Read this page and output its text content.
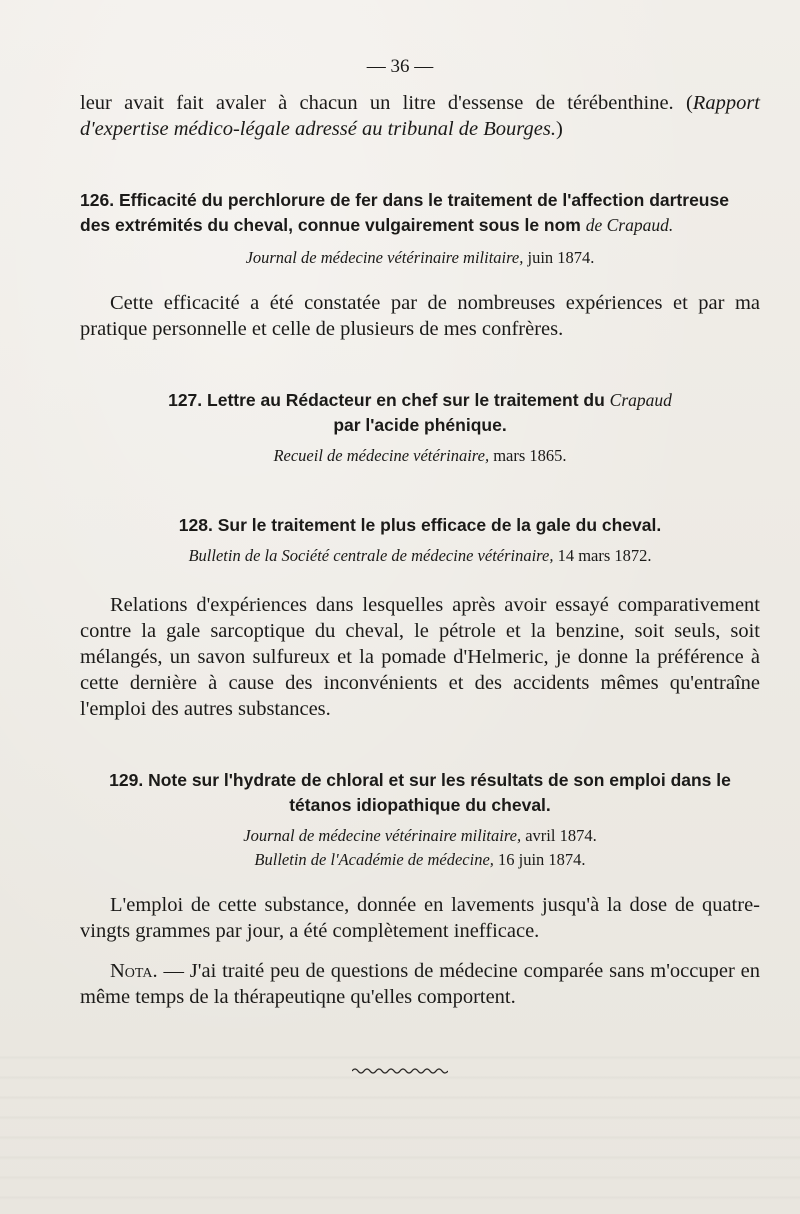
— 36 —

leur avait fait avaler à chacun un litre d'essense de térébenthine. (Rapport d'expertise médico-légale adressé au tribunal de Bourges.)

126. Efficacité du perchlorure de fer dans le traitement de l'affection dartreuse des extrémités du cheval, connue vulgairement sous le nom de Crapaud.

Journal de médecine vétérinaire militaire, juin 1874.

Cette efficacité a été constatée par de nombreuses expériences et par ma pratique personnelle et celle de plusieurs de mes confrères.

127. Lettre au Rédacteur en chef sur le traitement du Crapaud
par l'acide phénique.

Recueil de médecine vétérinaire, mars 1865.

128. Sur le traitement le plus efficace de la gale du cheval.

Bulletin de la Société centrale de médecine vétérinaire, 14 mars 1872.

Relations d'expériences dans lesquelles après avoir essayé comparativement contre la gale sarcoptique du cheval, le pétrole et la benzine, soit seuls, soit mélangés, un savon sulfureux et la pomade d'Helmeric, je donne la préférence à cette dernière à cause des inconvénients et des accidents mêmes qu'entraîne l'emploi des autres substances.

129. Note sur l'hydrate de chloral et sur les résultats de son emploi dans le tétanos idiopathique du cheval.

Journal de médecine vétérinaire militaire, avril 1874.

Bulletin de l'Académie de médecine, 16 juin 1874.

L'emploi de cette substance, donnée en lavements jusqu'à la dose de quatre-vingts grammes par jour, a été complètement inefficace.

Nota. — J'ai traité peu de questions de médecine comparée sans m'occuper en même temps de la thérapeutiqne qu'elles comportent.
